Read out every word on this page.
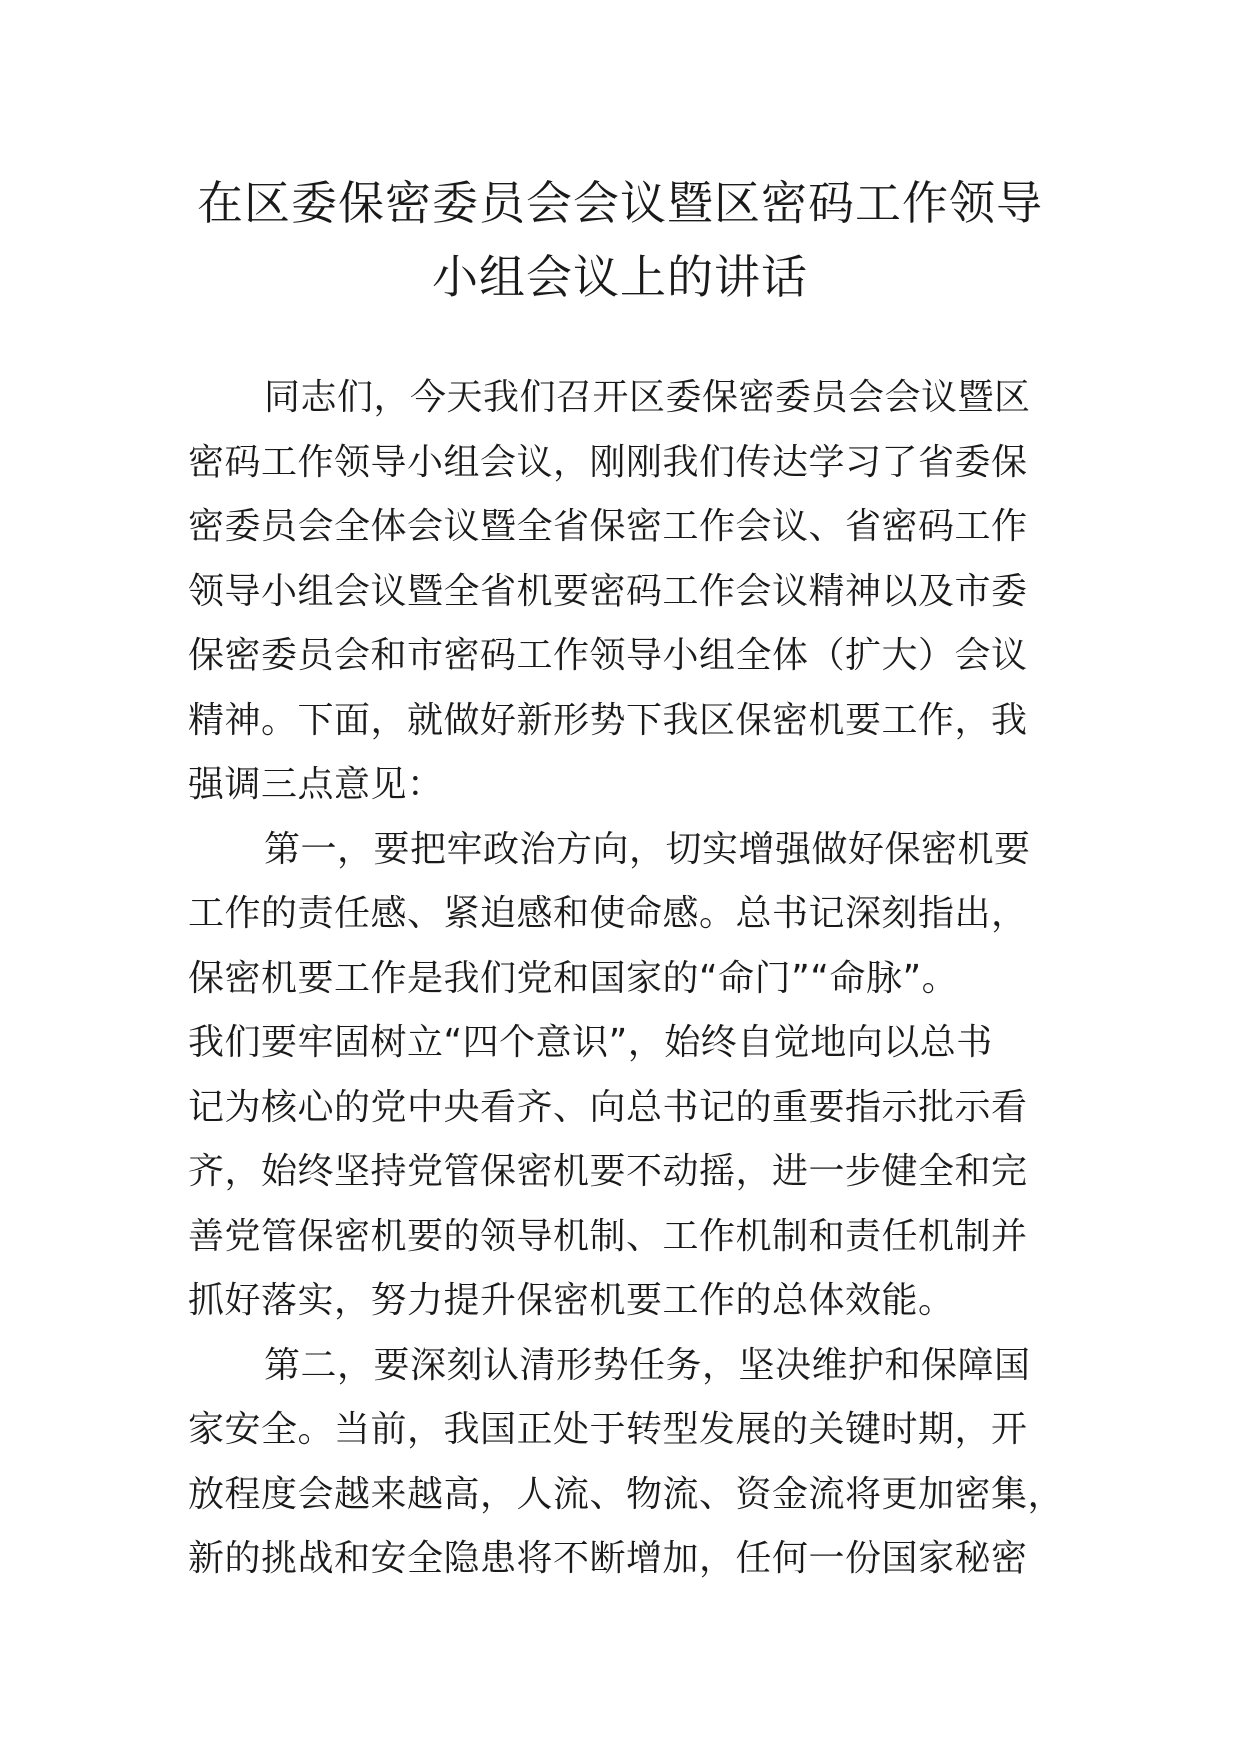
在区委保密委员会会议暨区密码工作领导
小组会议上的讲话
同志们，今天我们召开区委保密委员会会议暨区
密码工作领导小组会议，刚刚我们传达学习了省委保
密委员会全体会议暨全省保密工作会议、省密码工作
领导小组会议暨全省机要密码工作会议精神以及市委
保密委员会和市密码工作领导小组全体（扩大）会议
精神。下面，就做好新形势下我区保密机要工作，我
强调三点意见：
第一，要把牢政治方向，切实增强做好保密机要
工作的责任感、紧迫感和使命感。总书记深刻指出，
保密机要工作是我们党和国家的“命门”“命脉”。
我们要牢固树立“四个意识”，始终自觉地向以总书
记为核心的党中央看齐、向总书记的重要指示批示看
齐，始终坚持党管保密机要不动摇，进一步健全和完
善党管保密机要的领导机制、工作机制和责任机制并
抓好落实，努力提升保密机要工作的总体效能。
第二，要深刻认清形势任务，坚决维护和保障国
家安全。当前，我国正处于转型发展的关键时期，开
放程度会越来越高，人流、物流、资金流将更加密集，
新的挑战和安全隐患将不断增加，任何一份国家秘密
